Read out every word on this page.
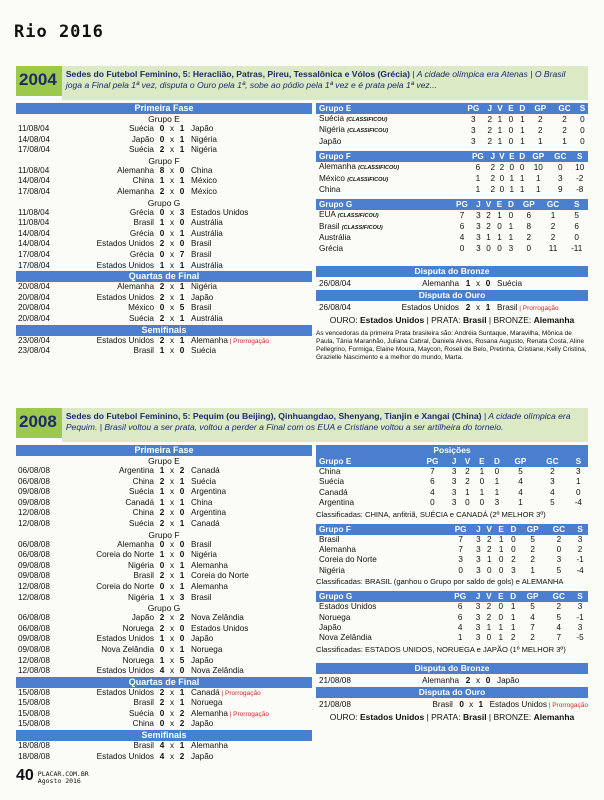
Rio 2016
2004	Sedes do Futebol Feminino, 5: Heraclião, Patras, Pireu, Tessalônica e Vólos (Grécia) | A cidade olímpica era Atenas | O Brasil joga a Final pela 1ª vez, disputa o Ouro pela 1ª, sobe ao pódio pela 1ª vez e é prata pela 1ª vez...
Primeira Fase
Grupo E
11/08/04	Suécia 0 x 1 Japão
14/08/04	Japão 0 x 1 Nigéria
17/08/04	Suécia 2 x 1 Nigéria
Grupo F
11/08/04	Alemanha 8 x 0 China
14/08/04	China 1 x 1 México
17/08/04	Alemanha 2 x 0 México
Grupo G
11/08/04	Grécia 0 x 3 Estados Unidos
11/08/04	Brasil 1 x 0 Austrália
14/08/04	Grécia 0 x 1 Austrália
14/08/04	Estados Unidos 2 x 0 Brasil
17/08/04	Grécia 0 x 7 Brasil
17/08/04	Estados Unidos 1 x 1 Austrália
Quartas de Final
20/08/04	Alemanha 2 x 1 Nigéria
20/08/04	Estados Unidos 2 x 1 Japão
20/08/04	México 0 x 5 Brasil
20/08/04	Suécia 2 x 1 Austrália
Semifinais
23/08/04	Estados Unidos 2 x 1 Alemanha | Prorrogação
23/08/04	Brasil 1 x 0 Suécia
Grupo E	PG	J	V	E	D	GP	GC	S
Suécia (CLASSIFICOU)	3	2	1	0	1	2	2	0
Nigéria (CLASSIFICOU)	3	2	1	0	1	2	2	0
Japão	3	2	1	0	1	1	1	0
Grupo F	PG	J	V	E	D	GP	GC	S
Alemanha (CLASSIFICOU)	6	2	2	0	0	10	0	10
México (CLASSIFICOU)	1	2	0	1	1	1	3	-2
China	1	2	0	1	1	1	9	-8
Grupo G	PG	J	V	E	D	GP	GC	S
EUA (CLASSIFICOU)	7	3	2	1	0	6	1	5
Brasil (CLASSIFICOU)	6	3	2	0	1	8	2	6
Austrália	4	3	1	1	1	2	2	0
Grécia	0	3	0	0	3	0	11	-11
Disputa do Bronze
26/08/04	Alemanha 1 x 0 Suécia
Disputa do Ouro
26/08/04	Estados Unidos 2 x 1 Brasil | Prorrogação
OURO: Estados Unidos | PRATA: Brasil | BRONZE: Alemanha
As vencedoras da primeira Prata brasileira são: Andréia Suntaque, Maravilha, Mônica de Paula, Tânia Maranhão, Juliana Cabral, Daniela Alves, Rosana Augusto, Renata Costa, Aline Pellegrino, Formiga, Elaine Moura, Maycon, Roseli de Belo, Pretinha, Cristiane, Kelly Cristina, Grazielle Nascimento e a melhor do mundo, Marta.
2008	Sedes do Futebol Feminino, 5: Pequim (ou Beijing), Qinhuangdao, Shenyang, Tianjin e Xangai (China) | A cidade olímpica era Pequim. | Brasil voltou a ser prata, voltou a perder a Final com os EUA e Cristiane voltou a ser artilheira do torneio.
Primeira Fase
Grupo E
06/08/08	Argentina 1 x 2 Canadá
06/08/08	China 2 x 1 Suécia
09/08/08	Suécia 1 x 0 Argentina
09/08/08	Canadá 1 x 1 China
12/08/08	China 2 x 0 Argentina
12/08/08	Suécia 2 x 1 Canadá
Grupo F
06/08/08	Alemanha 0 x 0 Brasil
06/08/08	Coreia do Norte 1 x 0 Nigéria
09/08/08	Nigéria 0 x 1 Alemanha
09/08/08	Brasil 2 x 1 Coreia do Norte
12/08/08	Coreia do Norte 0 x 1 Alemanha
12/08/08	Nigéria 1 x 3 Brasil
Grupo G
06/08/08	Japão 2 x 2 Nova Zelândia
06/08/08	Noruega 2 x 0 Estados Unidos
09/08/08	Estados Unidos 1 x 0 Japão
09/08/08	Nova Zelândia 0 x 1 Noruega
12/08/08	Noruega 1 x 5 Japão
12/08/08	Estados Unidos 4 x 0 Nova Zelândia
Quartas de Final
15/08/08	Estados Unidos 2 x 1 Canadá | Prorrogação
15/08/08	Brasil 2 x 1 Noruega
15/08/08	Suécia 0 x 2 Alemanha | Prorrogação
15/08/08	China 0 x 2 Japão
Semifinais
18/08/08	Brasil 4 x 1 Alemanha
18/08/08	Estados Unidos 4 x 2 Japão
Posições
Grupo E	PG	J	V	E	D	GP	GC	S
China	7	3	2	1	0	5	2	3
Suécia	6	3	2	0	1	4	3	1
Canadá	4	3	1	1	1	4	4	0
Argentina	0	3	0	0	3	1	5	-4
Classificadas: CHINA, anfitriã, SUÉCIA e CANADÁ (2º MELHOR 3º)
Grupo F	PG	J	V	E	D	GP	GC	S
Brasil	7	3	2	1	0	5	2	3
Alemanha	7	3	2	1	0	2	0	2
Coreia do Norte	3	3	1	0	2	2	3	-1
Nigéria	0	3	0	0	3	1	5	-4
Classificadas: BRASIL (ganhou o Grupo por saldo de gols) e ALEMANHA
Grupo G	PG	J	V	E	D	GP	GC	S
Estados Unidos	6	3	2	0	1	5	2	3
Noruega	6	3	2	0	1	4	5	-1
Japão	4	3	1	1	1	7	4	3
Nova Zelândia	1	3	0	1	2	2	7	-5
Classificadas: ESTADOS UNIDOS, NORUEGA e JAPÃO (1º MELHOR 3º)
Disputa do Bronze
21/08/08	Alemanha 2 x 0 Japão
Disputa do Ouro
21/08/08	Brasil 0 x 1 Estados Unidos | Prorrogação
OURO: Estados Unidos | PRATA: Brasil | BRONZE: Alemanha
40 PLACAR.COM.BR
Agosto 2016
